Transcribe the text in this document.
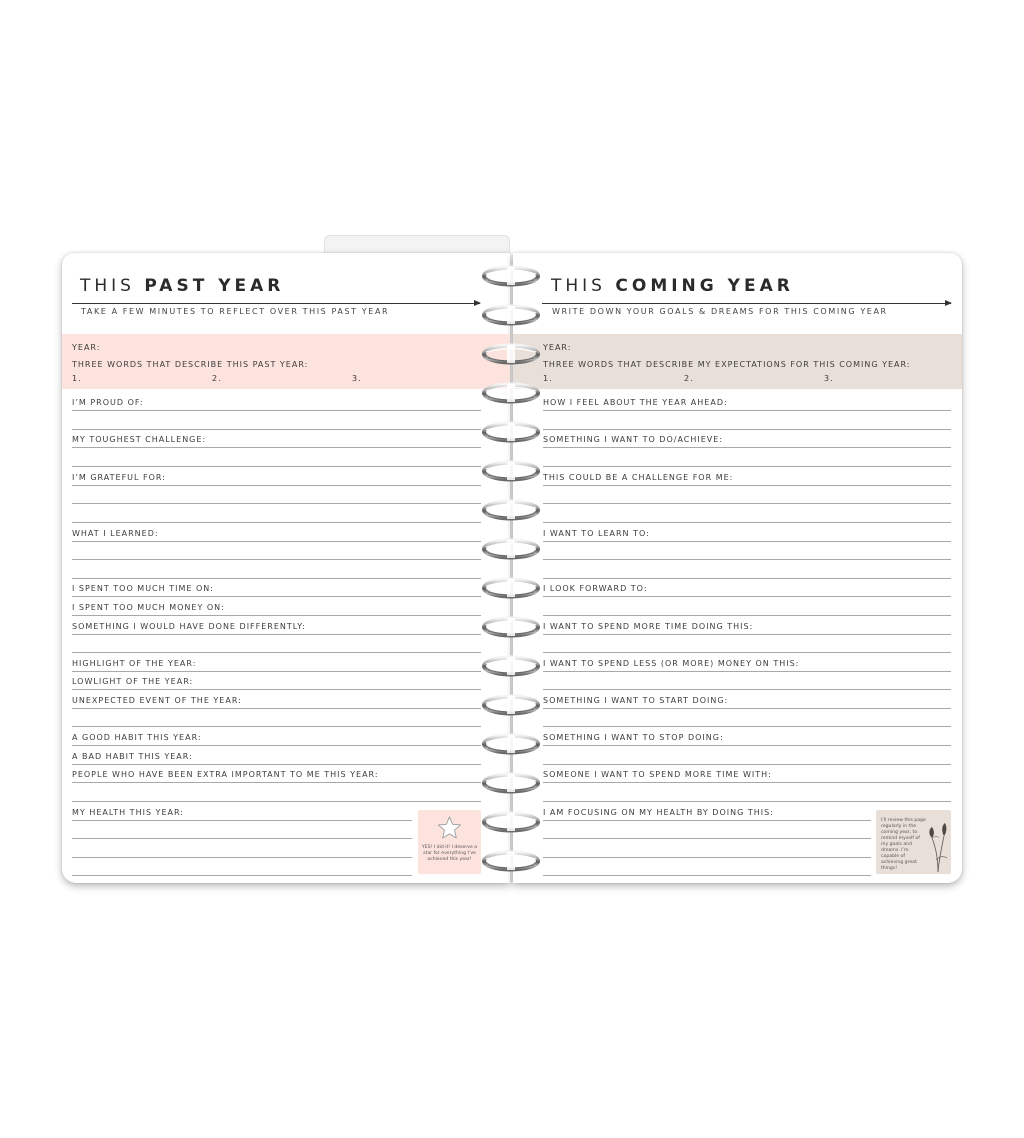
THIS PAST YEAR
TAKE A FEW MINUTES TO REFLECT OVER THIS PAST YEAR
THIS COMING YEAR
WRITE DOWN YOUR GOALS & DREAMS FOR THIS COMING YEAR
YEAR:
THREE WORDS THAT DESCRIBE THIS PAST YEAR:
1.	2.	3.
YEAR:
THREE WORDS THAT DESCRIBE MY EXPECTATIONS FOR THIS COMING YEAR:
1.	2.	3.
I’M PROUD OF:
MY TOUGHEST CHALLENGE:
I’M GRATEFUL FOR:
WHAT I LEARNED:
I SPENT TOO MUCH TIME ON:
I SPENT TOO MUCH MONEY ON:
SOMETHING I WOULD HAVE DONE DIFFERENTLY:
HIGHLIGHT OF THE YEAR:
LOWLIGHT OF THE YEAR:
UNEXPECTED EVENT OF THE YEAR:
A GOOD HABIT THIS YEAR:
A BAD HABIT THIS YEAR:
PEOPLE WHO HAVE BEEN EXTRA IMPORTANT TO ME THIS YEAR:
MY HEALTH THIS YEAR:
HOW I FEEL ABOUT THE YEAR AHEAD:
SOMETHING I WANT TO DO/ACHIEVE:
THIS COULD BE A CHALLENGE FOR ME:
I WANT TO LEARN TO:
I LOOK FORWARD TO:
I WANT TO SPEND MORE TIME DOING THIS:
I WANT TO SPEND LESS (OR MORE) MONEY ON THIS:
SOMETHING I WANT TO START DOING:
SOMETHING I WANT TO STOP DOING:
SOMEONE I WANT TO SPEND MORE TIME WITH:
I AM FOCUSING ON MY HEALTH BY DOING THIS:
YES! I did it! I deserve a star for everything I’ve achieved this year!
I’ll review this page regularly in the coming year, to remind myself of my goals and dreams. I’m capable of achieving great things!
